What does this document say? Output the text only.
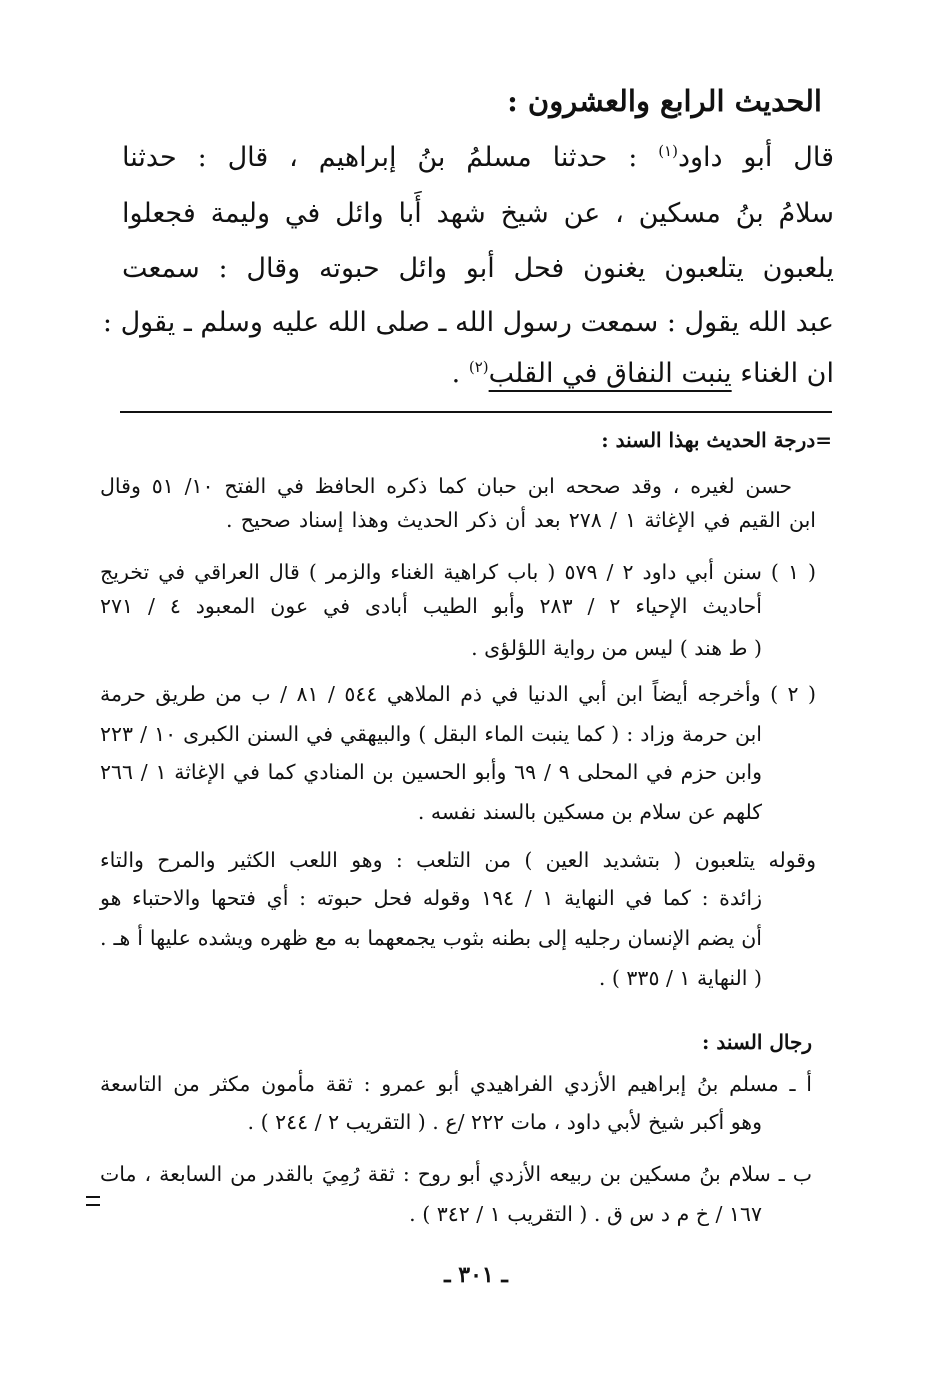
الحديث الرابع والعشرون :
قال أبو داود$^{(١)}$ : حدثنا مسلمُ بنُ إبراهيم ، قال : حدثنا
سلامُ بنُ مسكين ، عن شيخ شهد أَبا وائل في وليمة فجعلوا
يلعبون يتلعبون يغنون فحل أبو وائل حبوته وقال : سمعت
عبد الله يقول : سمعت رسول الله ـ صلى الله عليه وسلم ـ يقول :
ان الغناء ينبت النفاق في القلب$^{(٢)}$ .
=درجة الحديث بهذا السند :
حسن لغيره ، وقد صححه ابن حبان كما ذكره الحافظ في الفتح ١٠/ ٥١ وقال
ابن القيم في الإغاثة ١ / ٢٧٨ بعد أن ذكر الحديث وهذا إسناد صحيح .
( ١ ) سنن أبي داود ٢ / ٥٧٩ ( باب كراهية الغناء والزمر ) قال العراقي في تخريج
أحاديث الإحياء ٢ / ٢٨٣ وأبو الطيب أبادى في عون المعبود ٤ / ٢٧١
( ط هند ) ليس من رواية اللؤلؤى .
( ٢ ) وأخرجه أيضاً ابن أبي الدنيا في ذم الملاهي ٥٤٤ / ٨١ / ب من طريق حرمة
ابن حرمة وزاد : ( كما ينبت الماء البقل ) والبيهقي في السنن الكبرى ١٠ / ٢٢٣
وابن حزم في المحلى ٩ / ٦٩ وأبو الحسين بن المنادي كما في الإغاثة ١ / ٢٦٦
كلهم عن سلام بن مسكين بالسند نفسه .
وقوله يتلعبون ( بتشديد العين ) من التلعب : وهو اللعب الكثير والمرح والتاء
زائدة : كما في النهاية ١ / ١٩٤ وقوله فحل حبوته : أي فتحها والاحتباء هو
أن يضم الإنسان رجليه إلى بطنه بثوب يجمعهما به مع ظهره ويشده عليها أ هـ .
( النهاية ١ / ٣٣٥ ) .
رجال السند :
أ ـ مسلم بنُ إبراهيم الأزدي الفراهيدي أبو عمرو : ثقة مأمون مكثر من التاسعة
وهو أكبر شيخ لأبي داود ، مات ٢٢٢ /ع . ( التقريب ٢ / ٢٤٤ ) .
ب ـ سلام بنُ مسكين بن ربيعه الأزدي أبو روح : ثقة رُمِيَ بالقدر من السابعة ، مات
١٦٧ / خ م د س ق . ( التقريب ١ / ٣٤٢ ) .
ـ ٣٠١ ـ
